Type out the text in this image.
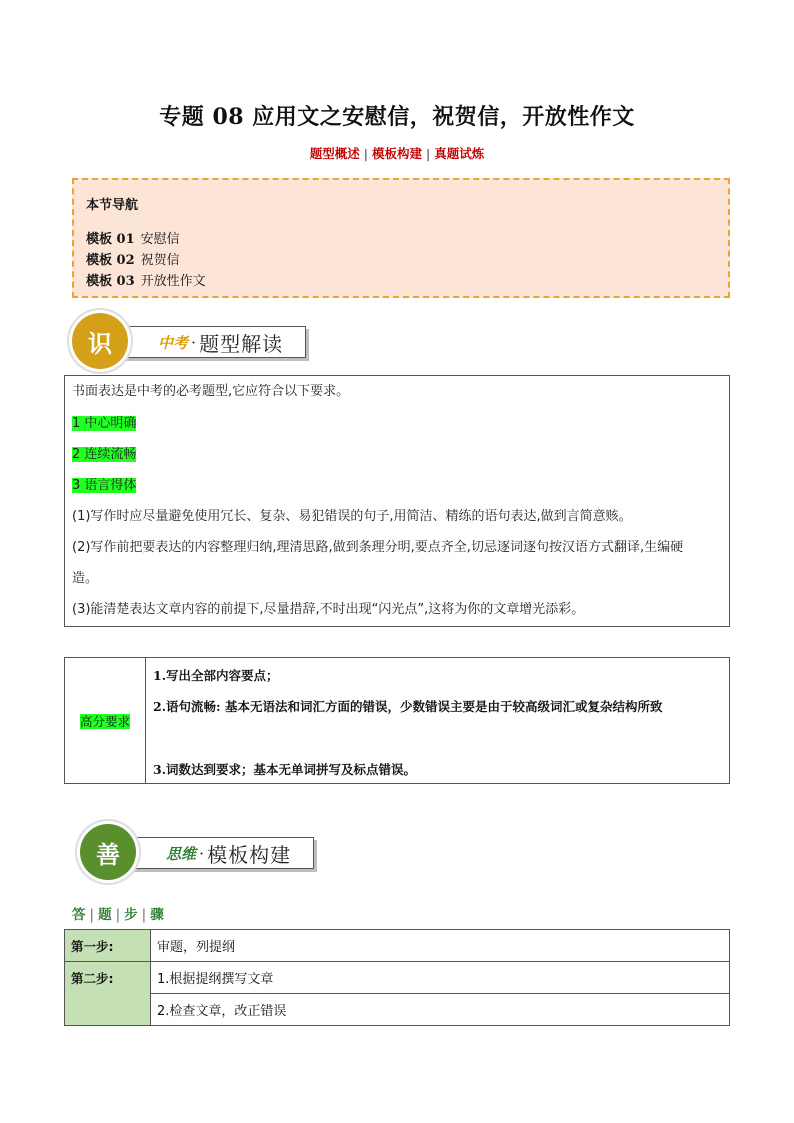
专题 08 应用文之安慰信，祝贺信，开放性作文
题型概述 | 模板构建 | 真题试炼
本节导航
模板 01 安慰信
模板 02 祝贺信
模板 03 开放性作文
中考 · 题型解读
识
书面表达是中考的必考题型,它应符合以下要求。
1 中心明确
2 连续流畅
3 语言得体
(1)写作时应尽量避免使用冗长、复杂、易犯错误的句子,用简洁、精练的语句表达,做到言简意赅。
(2)写作前把要表达的内容整理归纳,理清思路,做到条理分明,要点齐全,切忌逐词逐句按汉语方式翻译,生编硬
造。
(3)能清楚表达文章内容的前提下,尽量措辞,不时出现“闪光点”,这将为你的文章增光添彩。
高分要求	
1.写出全部内容要点；
2.语句流畅: 基本无语法和词汇方面的错误，少数错误主要是由于较高级词汇或复杂结构所致
3.词数达到要求；基本无单词拼写及标点错误。
思维 · 模板构建
善
答 | 题 | 步 | 骤
第一步:	审题，列提纲
第二步:	1.根据提纲撰写文章
	2.检查文章，改正错误
